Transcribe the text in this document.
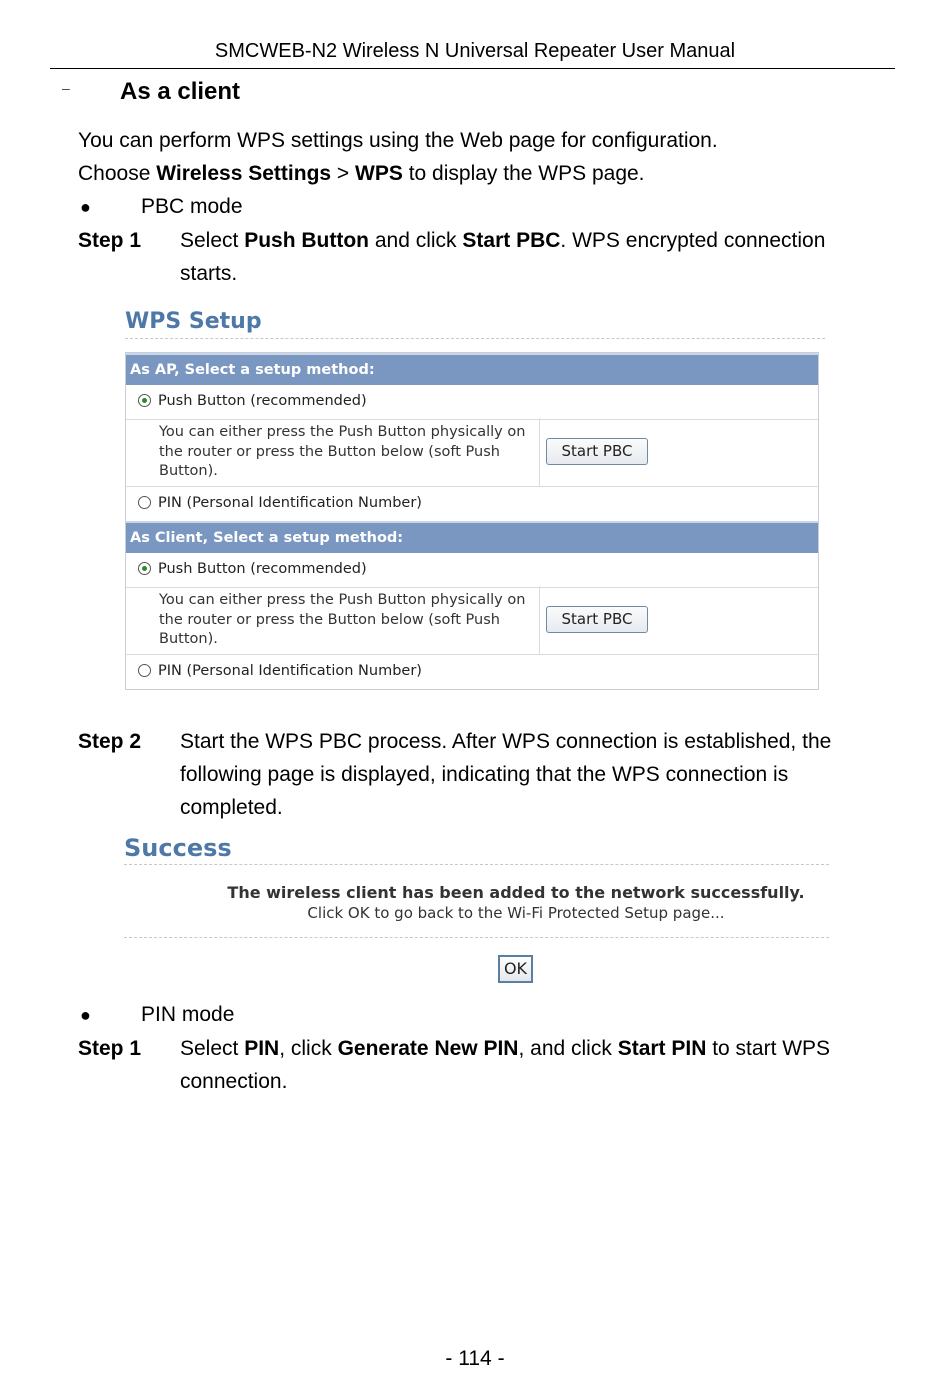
SMCWEB-N2 Wireless N Universal Repeater User Manual
– As a client
You can perform WPS settings using the Web page for configuration.
Choose Wireless Settings > WPS to display the WPS page.
● PBC mode
Step 1 Select Push Button and click Start PBC. WPS encrypted connection
starts.
WPS Setup
As AP, Select a setup method:
Push Button (recommended)
You can either press the Push Button physically on the router or press the Button below (soft Push Button).
Start PBC
PIN (Personal Identification Number)
As Client, Select a setup method:
Push Button (recommended)
You can either press the Push Button physically on the router or press the Button below (soft Push Button).
Start PBC
PIN (Personal Identification Number)
Step 2 Start the WPS PBC process. After WPS connection is established, the
following page is displayed, indicating that the WPS connection is
completed.
Success
The wireless client has been added to the network successfully.
Click OK to go back to the Wi-Fi Protected Setup page...
OK
● PIN mode
Step 1 Select PIN, click Generate New PIN, and click Start PIN to start WPS
connection.
- 114 -
